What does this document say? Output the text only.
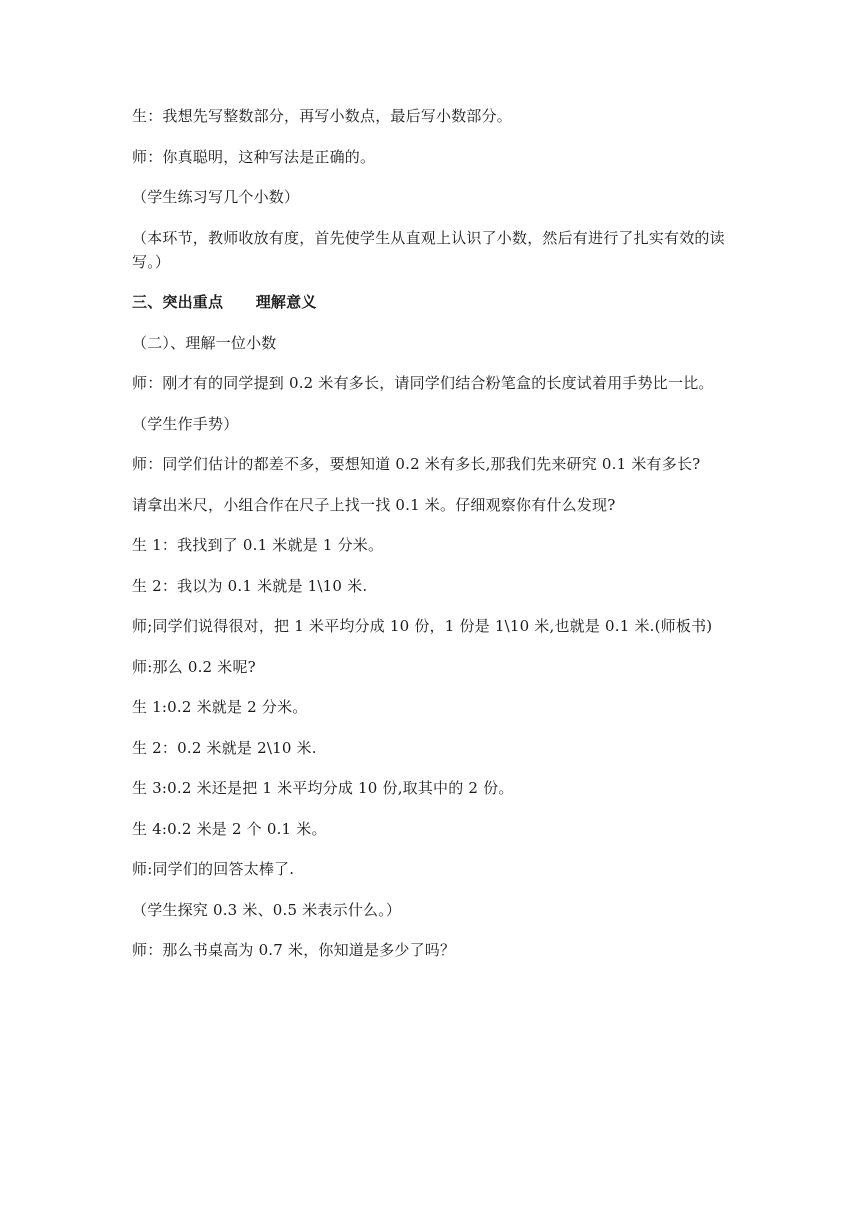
生：我想先写整数部分，再写小数点，最后写小数部分。

师：你真聪明，这种写法是正确的。

（学生练习写几个小数）

（本环节，教师收放有度，首先使学生从直观上认识了小数，然后有进行了扎实有效的读写。）

三、突出重点      理解意义

（二）、理解一位小数

师：刚才有的同学提到 0.2 米有多长，请同学们结合粉笔盒的长度试着用手势比一比。

（学生作手势）

师：同学们估计的都差不多，要想知道 0.2 米有多长,那我们先来研究 0.1 米有多长?

请拿出米尺，小组合作在尺子上找一找 0.1 米。仔细观察你有什么发现?

生 1：我找到了 0.1 米就是 1 分米。

生 2：我以为 0.1 米就是 1\10 米.

师;同学们说得很对，把 1 米平均分成 10 份，1 份是 1\10 米,也就是 0.1 米.(师板书)

师:那么 0.2 米呢?

生 1:0.2 米就是 2 分米。

生 2：0.2 米就是 2\10 米.

生 3:0.2 米还是把 1 米平均分成 10 份,取其中的 2 份。

生 4:0.2 米是 2 个 0.1 米。

师:同学们的回答太棒了.

（学生探究 0.3 米、0.5 米表示什么。）

师：那么书桌高为 0.7 米，你知道是多少了吗？
